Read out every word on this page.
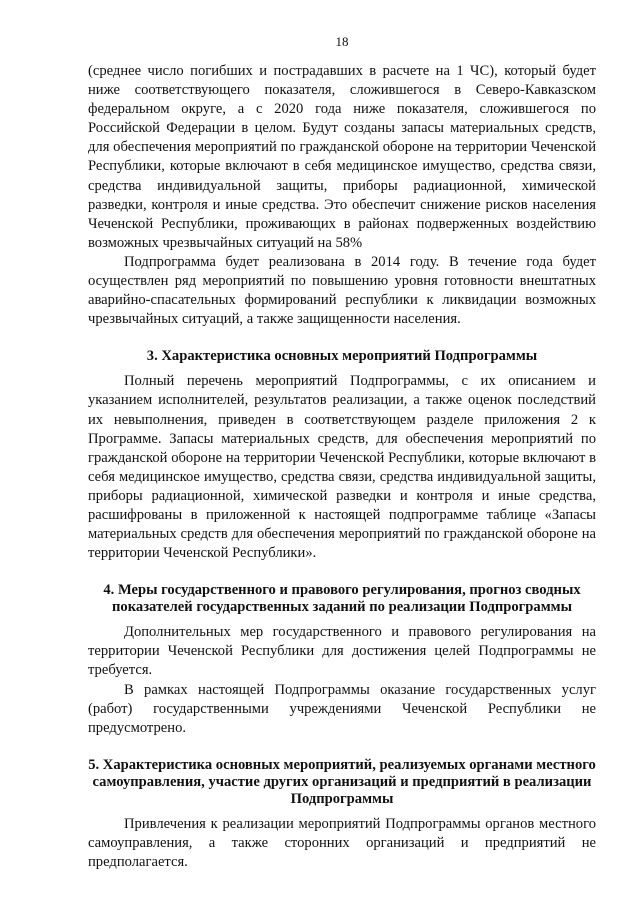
18

(среднее число погибших и пострадавших в расчете на 1 ЧС), который будет ниже соответствующего показателя, сложившегося в Северо-Кавказском федеральном округе, а с 2020 года ниже показателя, сложившегося по Российской Федерации в целом. Будут созданы запасы материальных средств, для обеспечения мероприятий по гражданской обороне на территории Чеченской Республики, которые включают в себя медицинское имущество, средства связи, средства индивидуальной защиты, приборы радиационной, химической разведки, контроля и иные средства. Это обеспечит снижение рисков населения Чеченской Республики, проживающих в районах подверженных воздействию возможных чрезвычайных ситуаций на 58%

Подпрограмма будет реализована в 2014 году. В течение года будет осуществлен ряд мероприятий по повышению уровня готовности внештатных аварийно-спасательных формирований республики к ликвидации возможных чрезвычайных ситуаций, а также защищенности населения.

3. Характеристика основных мероприятий Подпрограммы

Полный перечень мероприятий Подпрограммы, с их описанием и указанием исполнителей, результатов реализации, а также оценок последствий их невыполнения, приведен в соответствующем разделе приложения 2 к Программе. Запасы материальных средств, для обеспечения мероприятий по гражданской обороне на территории Чеченской Республики, которые включают в себя медицинское имущество, средства связи, средства индивидуальной защиты, приборы радиационной, химической разведки и контроля и иные средства, расшифрованы в приложенной к настоящей подпрограмме таблице «Запасы материальных средств для обеспечения мероприятий по гражданской обороне на территории Чеченской Республики».

4. Меры государственного и правового регулирования, прогноз сводных показателей государственных заданий по реализации Подпрограммы

Дополнительных мер государственного и правового регулирования на территории Чеченской Республики для достижения целей Подпрограммы не требуется.

В рамках настоящей Подпрограммы оказание государственных услуг (работ) государственными учреждениями Чеченской Республики не предусмотрено.

5. Характеристика основных мероприятий, реализуемых органами местного самоуправления, участие других организаций и предприятий в реализации Подпрограммы

Привлечения к реализации мероприятий Подпрограммы органов местного самоуправления, а также сторонних организаций и предприятий не предполагается.
